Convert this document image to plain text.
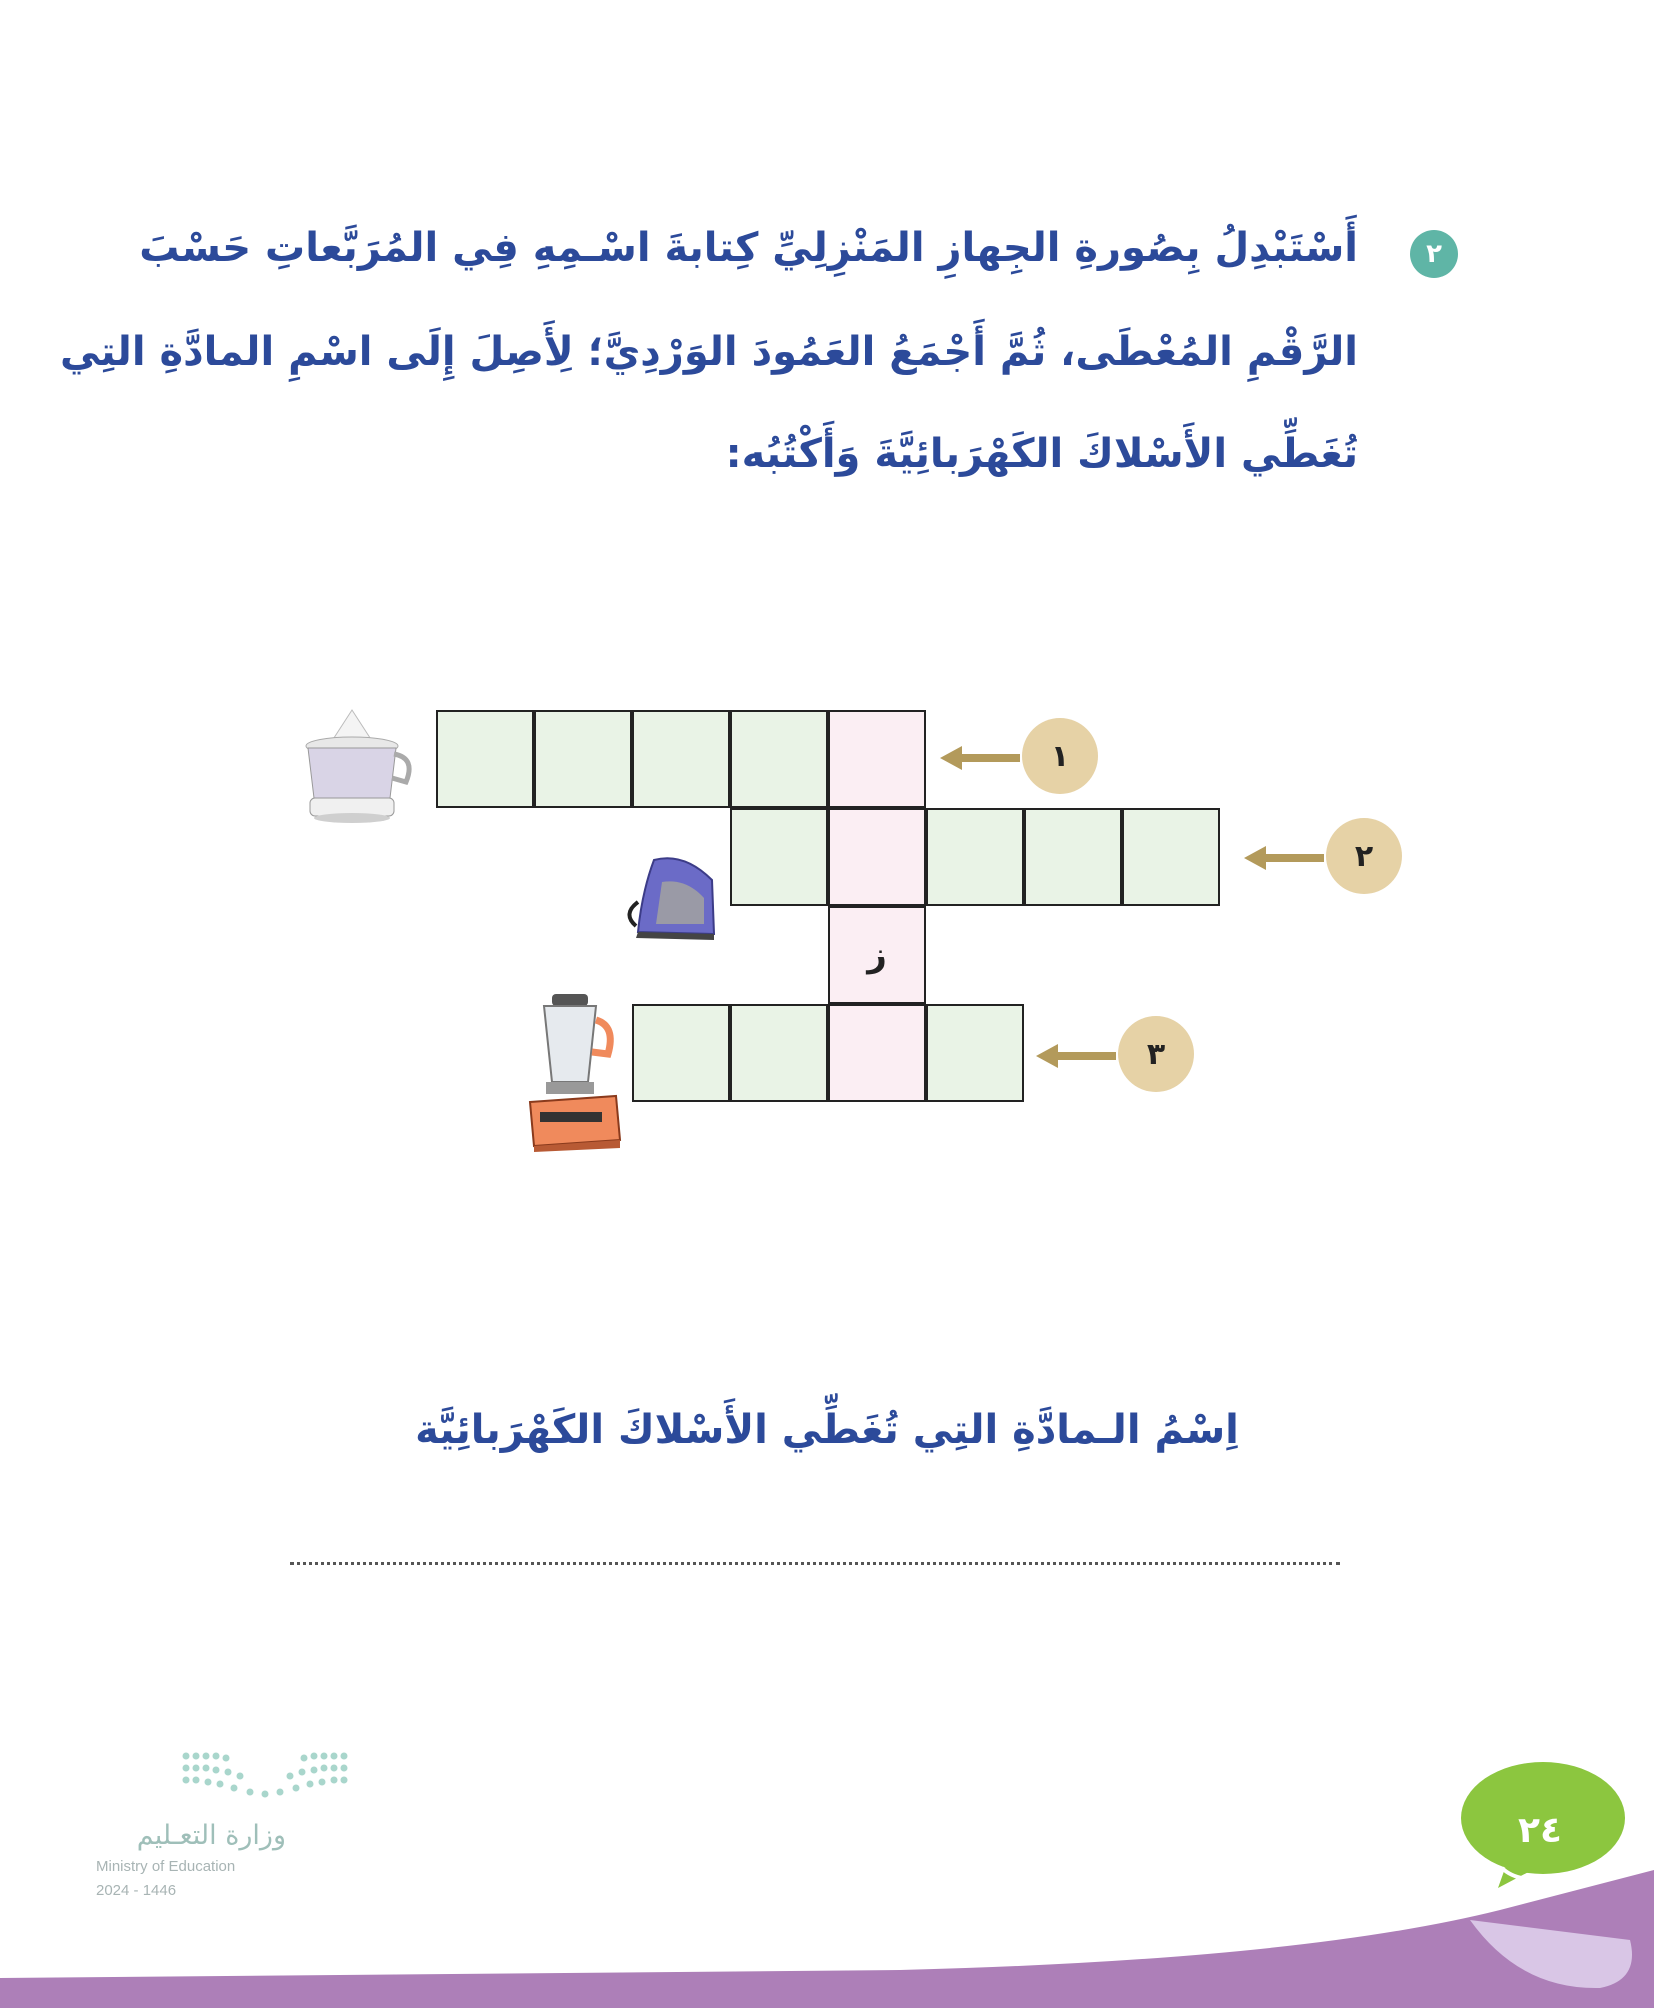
٢
أَسْتَبْدِلُ بِصُورةِ الجِهازِ المَنْزِلِيِّ كِتابةَ اسْـمِهِ فِي المُرَبَّعاتِ حَسْبَ
الرَّقْمِ المُعْطَى، ثُمَّ أَجْمَعُ العَمُودَ الوَرْدِيَّ؛ لِأَصِلَ إِلَى اسْمِ المادَّةِ التِي
تُغَطِّي الأَسْلاكَ الكَهْرَبائِيَّةَ وَأَكْتُبُه:
ز
١
٢
٣
اِسْمُ الـمادَّةِ التِي تُغَطِّي الأَسْلاكَ الكَهْرَبائِيَّة
وزارة التعـليم
Ministry of Education
2024 - 1446
٢٤
